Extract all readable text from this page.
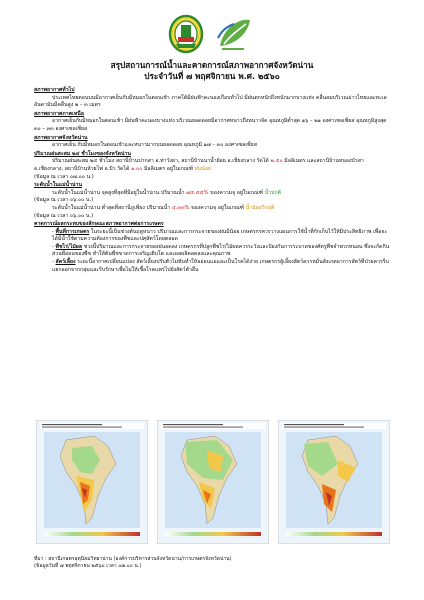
สรุปสถานการณ์น้ำและคาดการณ์สภาพอากาศจังหวัดน่าน
ประจำวันที่ ๗ พฤศจิกายน พ.ศ. ๒๕๖๐
สภาพอากาศทั่วไป
ประเทศไทยตอนบนมีอากาศเย็นกับมีหมอกในตอนเช้า ภาคใต้มีฝนฟ้าคะนองเกือบทั่วไป มีฝนตกหนักถึงหนักมากบางแห่ง คลื่นลมบริเวณอ่าวไทยและทะเลอันดามันมีคลื่นสูง ๒ – ๓ เมตร
สภาพอากาศภาคเหนือ
อากาศเย็นกับมีหมอกในตอนเช้า มีฝนฟ้าคะนองบางแห่ง บริเวณยอดดอยมีอากาศหนาวถึงหนาวจัด อุณหภูมิต่ำสุด ๑๖ – ๒๑ องศาเซลเซียส อุณหภูมิสูงสุด ๓๐ – ๓๓ องศาเซลเซียส
สภาพอากาศจังหวัดน่าน
อากาศเย็น กับมีหมอกในตอนเช้าและหนาวมากบนยอดดอย อุณหภูมิ ๑๗ – ๓๐ องศาเซลเซียส
ปริมาณฝนสะสม ๒๔ ชั่วโมงของจังหวัดน่าน
ปริมาณฝนสะสม ๒๔ ชั่วโมง สถานีบ้านปากสา อ.ท่าวังผา, สถานีบ้านนาน้ำย้อย อ.เชียงกลาง วัดได้ ๒.๕๐ มิลลิเมตร และสถานีบ้านหนองบัวสา อ.เชียงกลาง, สถานีบ้านห้วยไฟ อ.ปัว วัดได้ ๑.๐๐ มิลลิเมตร อยู่ในเกณฑ์ ฝนน้อย
(ข้อมูล ณ เวลา ๐๗.๐๐ น.)
ระดับน้ำในแม่น้ำน่าน
ระดับน้ำในแม่น้ำน่าน จุดสูงที่สุดที่มีอยู่ในน้ำน่าน ปริมาณน้ำ ๗๕.๕๕% ของความจุ อยู่ในเกณฑ์ น้ำปกติ
(ข้อมูล ณ เวลา ๐๖.๐๐ น.)
ระดับน้ำในแม่น้ำน่าน ต่ำสุดที่สถานีภูเพียง ปริมาณน้ำ ๔.๓๓% ของความจุ อยู่ในเกณฑ์ น้ำน้อยวิกฤติ
(ข้อมูล ณ เวลา ๐๖.๐๐ น.)
คาดการณ์ผลกระทบของลักษณะสภาพอากาศต่อการเกษตร
- พื้นที่การเกษตร ในระยะนี้เป็นช่วงต้นฤดูหนาว ปริมาณและการกระจายของฝนมีน้อย เกษตรกรควรวางแผนการใช้น้ำที่กักเก็บไว้ให้มีประสิทธิภาพ เพื่อจะได้มีน้ำใช้ตามความต้องการของพืชและปศุสัตว์โดยตลอด
- พืชไร่/ไม้ผล ช่วงนี้ปริมาณและการกระจายของฝนลดลง เกษตรกรที่ปลูกพืชไร่/ไม้ผลควรระวังและป้องกันการระบาดของศัตรูพืชจำพวกหนอน ซึ่งจะกัดกินส่วนที่อ่อนของพืช ทำให้ต้นพืชขาดการเจริญเติบโต และผลผลิตลดลงและคุณภาพ
- สัตว์เลี้ยง ระยะนี้อากาศเปลี่ยนแปลง สัตว์เลี้ยงปรับตัวไม่ทันทำให้ออ่อนแอและเป็นโรคได้ง่าย เกษตรกรผู้เลี้ยงสัตว์ควรหมั่นสังเกตอาการสัตว์ที่ป่วยควรรีบแยกออกจากกลุ่มและรีบรักษาเพื่อไม่ให้เชื้อโรคแพร่ไปยังสัตว์ตัวอื่น
ที่มา : สถานีเกษตรอุตุนิยมวิทยาน่าน (องค์การบริหารส่วนจังหวัดน่าน/การเกษตรจังหวัดน่าน)
(ข้อมูลวันที่ ๗ พฤศจิกายน ๒๕๖๐ เวลา ๐๗.๐๐ น.)
